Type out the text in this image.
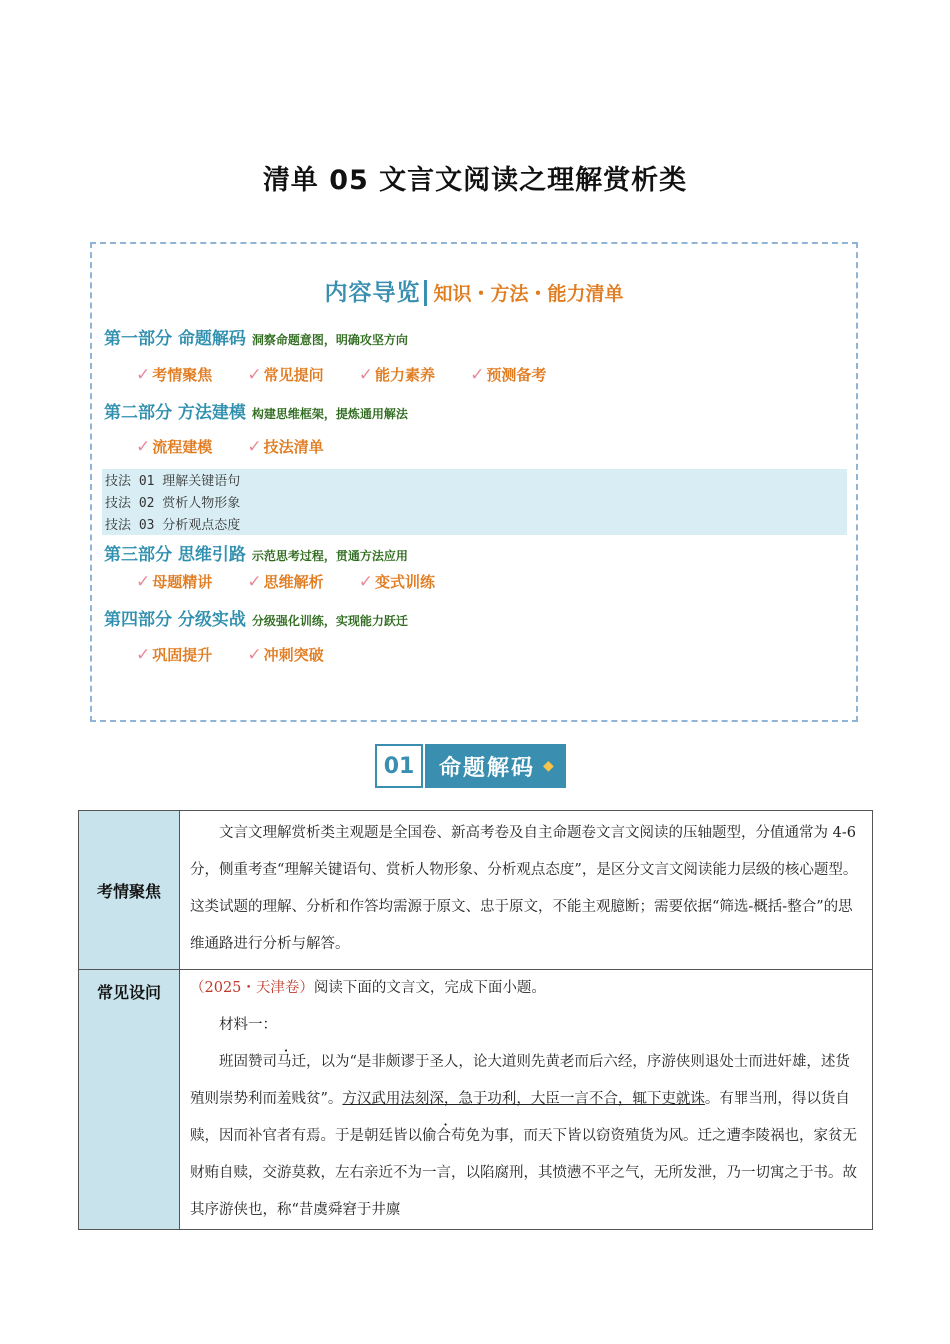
清单 05 文言文阅读之理解赏析类
内容导览 知识・方法・能力清单
第一部分 命题解码 洞察命题意图，明确攻坚方向
✓ 考情聚焦 ✓ 常见提问 ✓ 能力素养 ✓ 预测备考
第二部分 方法建模 构建思维框架，提炼通用解法
✓ 流程建模 ✓ 技法清单
技法 01 理解关键语句
技法 02 赏析人物形象
技法 03 分析观点态度
第三部分 思维引路 示范思考过程，贯通方法应用
✓ 母题精讲 ✓ 思维解析 ✓ 变式训练
第四部分 分级实战 分级强化训练，实现能力跃迁
✓ 巩固提升 ✓ 冲刺突破
01	命题解码 ◆
考情聚焦	文言文理解赏析类主观题是全国卷、新高考卷及自主命题卷文言文阅读的压轴题型，分值通常为 4-6 分，侧重考查“理解关键语句、赏析人物形象、分析观点态度”，是区分文言文阅读能力层级的核心题型。这类试题的理解、分析和作答均需源于原文、忠于原文，不能主观臆断；需要依据“筛选-概括-整合”的思维通路进行分析与解答。
常见设问	（2025・天津卷）阅读下面的文言文，完成下面小题。
材料一：
班固赞 ·司马迁，以为“是非颇谬于圣人，论大道则先黄老而后六经，序游侠则退处士而进奸雄，述货殖则崇势利而羞贱贫”。方汉武用法刻深，急于功利，大臣一言不合，辄下吏就诛。有罪当刑，得以货自赎，因而补官者有焉。于是朝廷皆以 ·偷合苟免为事，而天下皆以窃资殖货为风。迁之遭李陵祸也，家贫无财贿自赎，交游莫救，左右亲近不为一言，以陷腐刑，其愤懑不平之气，无所发泄，乃一切寓之于书。故其序游侠也，称“昔虞舜窘于井廪
